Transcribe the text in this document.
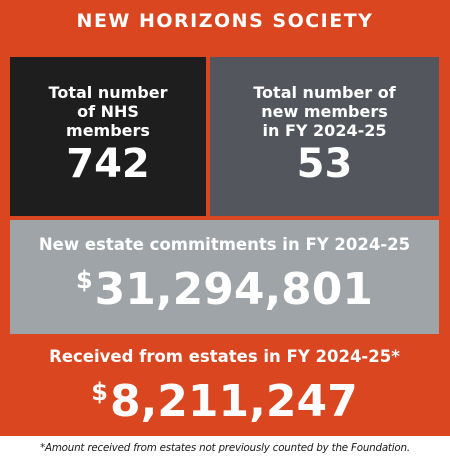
NEW HORIZONS SOCIETY
Total number
of NHS
members
742
Total number of
new members
in FY 2024-25
53
New estate commitments in FY 2024-25
$31,294,801
Received from estates in FY 2024-25*
$8,211,247
*Amount received from estates not previously counted by the Foundation.
